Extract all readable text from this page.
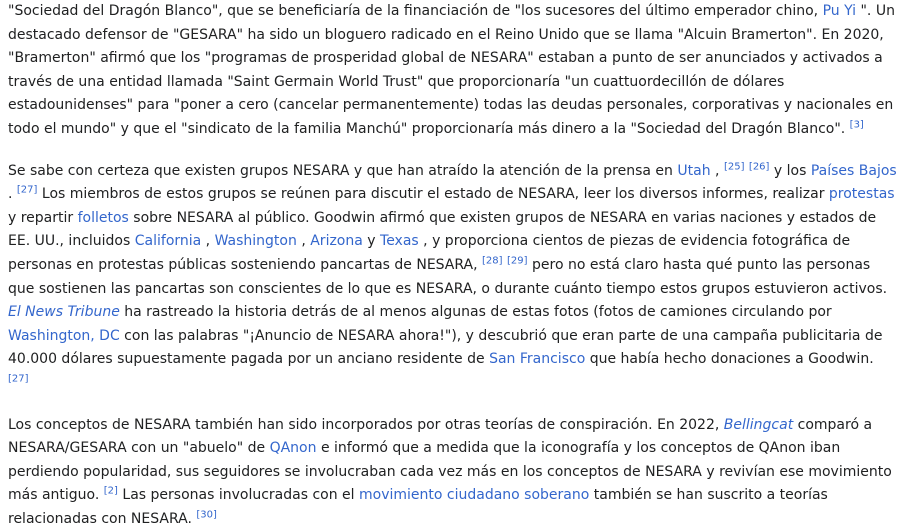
"Sociedad del Dragón Blanco", que se beneficiaría de la financiación de "los sucesores del último emperador chino, Pu Yi ". Un destacado defensor de "GESARA" ha sido un bloguero radicado en el Reino Unido que se llama "Alcuin Bramerton". En 2020, "Bramerton" afirmó que los "programas de prosperidad global de NESARA" estaban a punto de ser anunciados y activados a través de una entidad llamada "Saint Germain World Trust" que proporcionaría "un cuattuordecillón de dólares estadounidenses" para "poner a cero (cancelar permanentemente) todas las deudas personales, corporativas y nacionales en todo el mundo" y que el "sindicato de la familia Manchú" proporcionaría más dinero a la "Sociedad del Dragón Blanco". [3]

Se sabe con certeza que existen grupos NESARA y que han atraído la atención de la prensa en Utah , [25] [26] y los Países Bajos . [27] Los miembros de estos grupos se reúnen para discutir el estado de NESARA, leer los diversos informes, realizar protestas y repartir folletos sobre NESARA al público. Goodwin afirmó que existen grupos de NESARA en varias naciones y estados de EE. UU., incluidos California , Washington , Arizona y Texas , y proporciona cientos de piezas de evidencia fotográfica de personas en protestas públicas sosteniendo pancartas de NESARA, [28] [29] pero no está claro hasta qué punto las personas que sostienen las pancartas son conscientes de lo que es NESARA, o durante cuánto tiempo estos grupos estuvieron activos. El News Tribune ha rastreado la historia detrás de al menos algunas de estas fotos (fotos de camiones circulando por Washington, DC con las palabras "¡Anuncio de NESARA ahora!"), y descubrió que eran parte de una campaña publicitaria de 40.000 dólares supuestamente pagada por un anciano residente de San Francisco que había hecho donaciones a Goodwin. [27]

Los conceptos de NESARA también han sido incorporados por otras teorías de conspiración. En 2022, Bellingcat comparó a NESARA/GESARA con un "abuelo" de QAnon e informó que a medida que la iconografía y los conceptos de QAnon iban perdiendo popularidad, sus seguidores se involucraban cada vez más en los conceptos de NESARA y revivían ese movimiento más antiguo. [2] Las personas involucradas con el movimiento ciudadano soberano también se han suscrito a teorías relacionadas con NESARA. [30]
